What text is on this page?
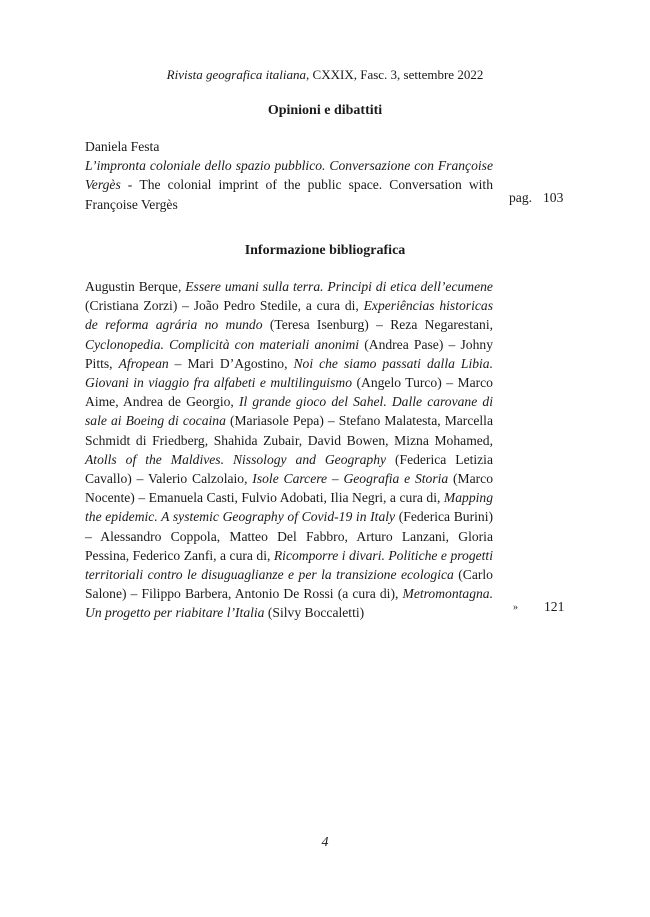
Rivista geografica italiana, CXXIX, Fasc. 3, settembre 2022
Opinioni e dibattiti
Daniela Festa
L’impronta coloniale dello spazio pubblico. Conversazione con Françoise Vergès - The colonial imprint of the public space. Conversation with Françoise Vergès	pag. 103
Informazione bibliografica
Augustin Berque, Essere umani sulla terra. Principi di etica dell’ecumene (Cristiana Zorzi) – João Pedro Stedile, a cura di, Experiências historicas de reforma agrária no mundo (Teresa Isenburg) – Reza Negarestani, Cyclonopedia. Complicità con materiali anonimi (Andrea Pase) – Johny Pitts, Afropean – Mari D’Agostino, Noi che siamo passati dalla Libia. Giovani in viaggio fra alfabeti e multilinguismo (Angelo Turco) – Marco Aime, Andrea de Georgio, Il grande gioco del Sahel. Dalle carovane di sale ai Boeing di cocaina (Mariasole Pepa) – Stefano Malatesta, Marcella Schmidt di Friedberg, Shahida Zubair, David Bowen, Mizna Mohamed, Atolls of the Maldives. Nissology and Geography (Federica Letizia Cavallo) – Valerio Calzolaio, Isole Carcere – Geografia e Storia (Marco Nocente) – Emanuela Casti, Fulvio Adobati, Ilia Negri, a cura di, Mapping the epidemic. A systemic Geography of Covid-19 in Italy (Federica Burini) – Alessandro Coppola, Matteo Del Fabbro, Arturo Lanzani, Gloria Pessina, Federico Zanfi, a cura di, Ricomporre i divari. Politiche e progetti territoriali contro le disuguaglianze e per la transizione ecologica (Carlo Salone) – Filippo Barbera, Antonio De Rossi (a cura di), Metromontagna. Un progetto per riabitare l’Italia (Silvy Boccaletti)	» 121
4
